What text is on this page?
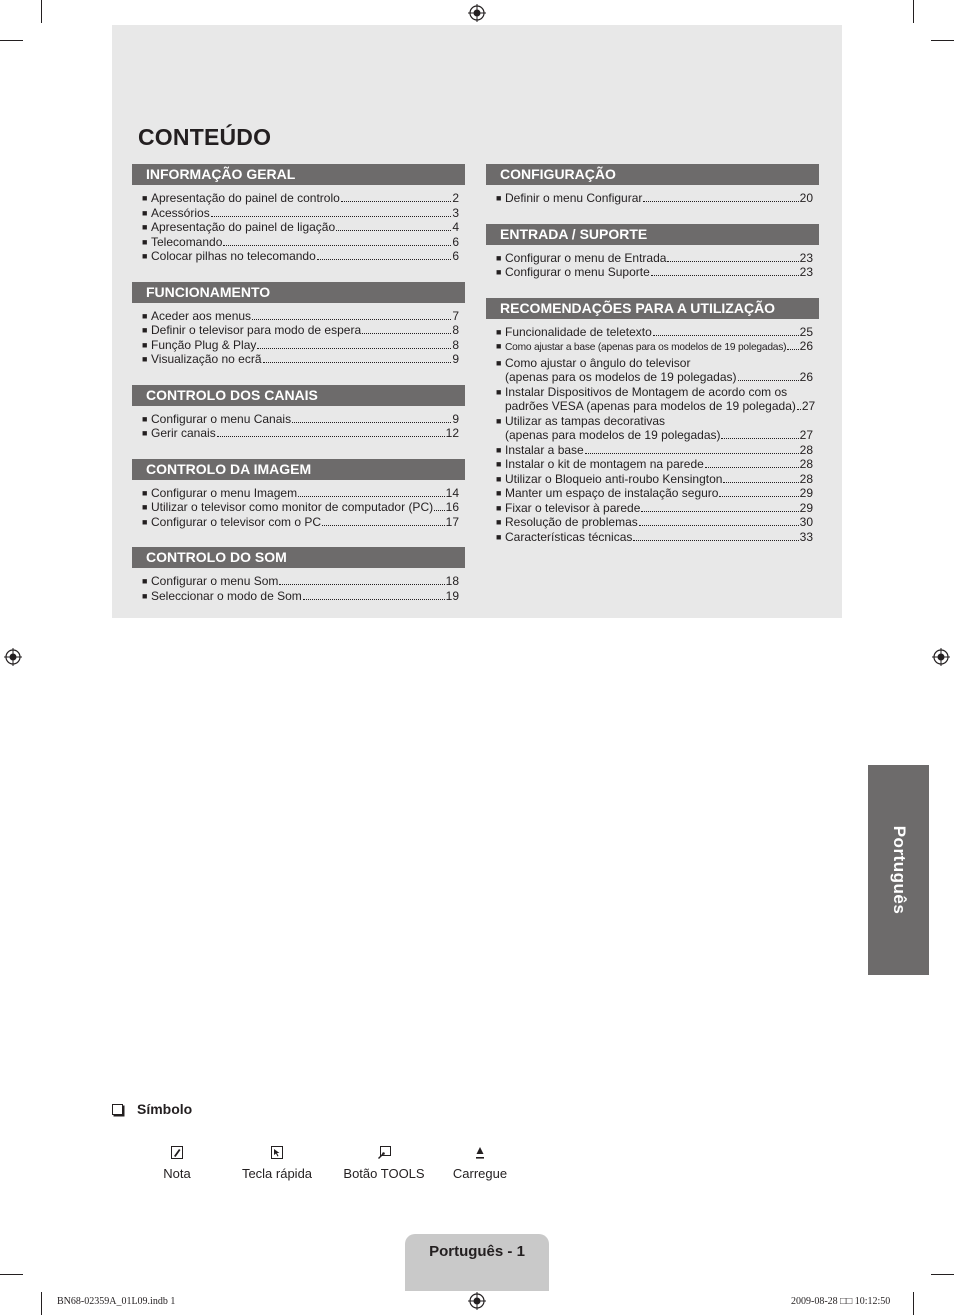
CONTEÚDO
INFORMAÇÃO GERAL
■ Apresentação do painel de controlo	2
■ Acessórios	3
■ Apresentação do painel de ligação	4
■ Telecomando	6
■ Colocar pilhas no telecomando	6
FUNCIONAMENTO
■ Aceder aos menus	7
■ Definir o televisor para modo de espera	8
■ Função Plug & Play	8
■ Visualização no ecrã	9
CONTROLO DOS CANAIS
■ Configurar o menu Canais	9
■ Gerir canais	12
CONTROLO DA IMAGEM
■ Configurar o menu Imagem	14
■ Utilizar o televisor como monitor de computador (PC) 16
■ Configurar o televisor com o PC	17
CONTROLO DO SOM
■ Configurar o menu Som	18
■ Seleccionar o modo de Som	19
CONFIGURAÇÃO
■ Definir o menu Configurar	20
ENTRADA / SUPORTE
■ Configurar o menu de Entrada	23
■ Configurar o menu Suporte	23
RECOMENDAÇÕES PARA A UTILIZAÇÃO
■ Funcionalidade de teletexto	25
■ Como ajustar a base (apenas para os modelos de 19 polegadas) 26
■ Como ajustar o ângulo do televisor
(apenas para os modelos de 19 polegadas)	26
■ Instalar Dispositivos de Montagem de acordo com os
padrões VESA (apenas para modelos de 19 polegada) 27
■ Utilizar as tampas decorativas
(apenas para modelos de 19 polegadas)	27
■ Instalar a base	28
■ Instalar o kit de montagem na parede	28
■ Utilizar o Bloqueio anti-roubo Kensington	28
■ Manter um espaço de instalação seguro	29
■ Fixar o televisor à parede	29
■ Resolução de problemas	30
■ Características técnicas	33
Português
Símbolo
Nota	Tecla rápida	Botão TOOLS	Carregue
Português - 1
BN68-02359A_01L09.indb 1	2009-08-28 □□ 10:12:50
